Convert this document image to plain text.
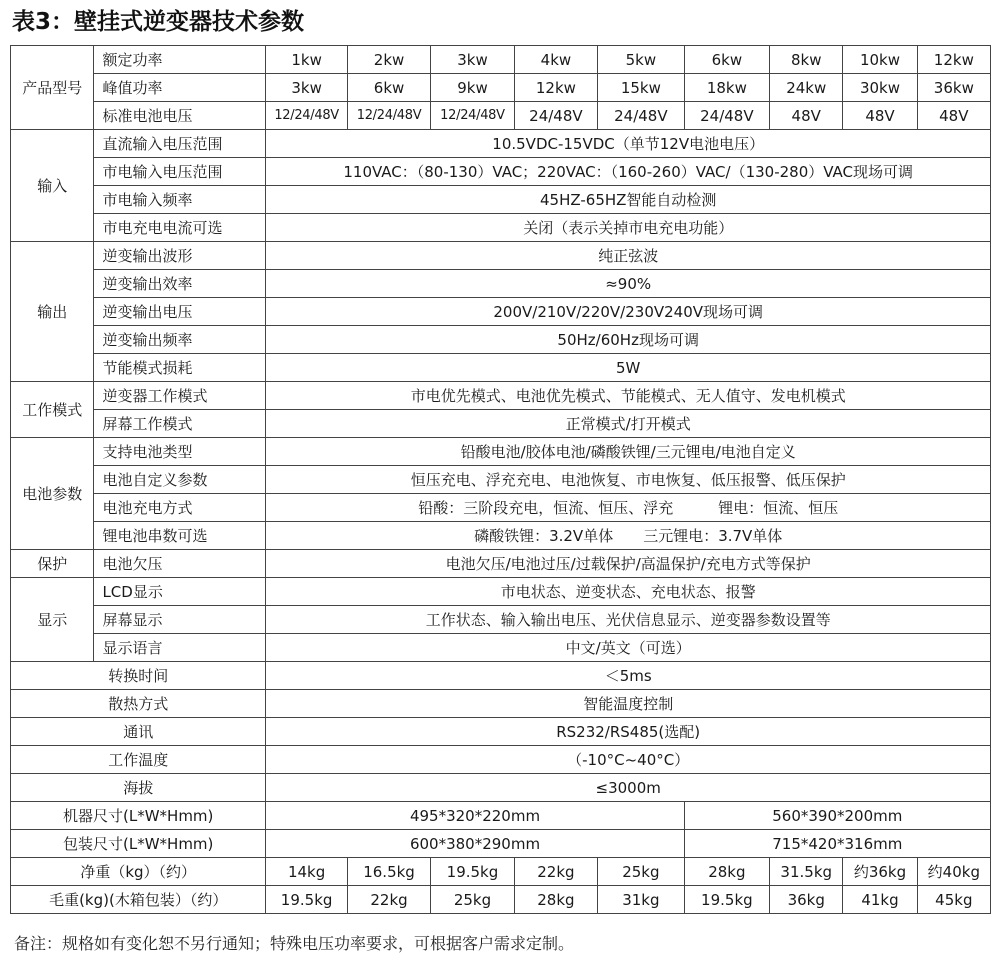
表3：壁挂式逆变器技术参数
产品型号	额定功率	1kw	2kw	3kw	4kw	5kw	6kw	8kw	10kw	12kw
	峰值功率	3kw	6kw	9kw	12kw	15kw	18kw	24kw	30kw	36kw
	标准电池电压	12/24/48V	12/24/48V	12/24/48V	24/48V	24/48V	24/48V	48V	48V	48V
输入	直流输入电压范围	10.5VDC-15VDC（单节12V电池电压）								
	市电输入电压范围	110VAC：（80-130）VAC；220VAC：（160-260）VAC/（130-280）VAC现场可调								
	市电输入频率	45HZ-65HZ智能自动检测								
	市电充电电流可选	关闭（表示关掉市电充电功能）								
输出	逆变输出波形	纯正弦波								
	逆变输出效率	≈90%								
	逆变输出电压	200V/210V/220V/230V240V现场可调								
	逆变输出频率	50Hz/60Hz现场可调								
	节能模式损耗	5W								
工作模式	逆变器工作模式	市电优先模式、电池优先模式、节能模式、无人值守、发电机模式								
	屏幕工作模式	正常模式/打开模式								
电池参数	支持电池类型	铅酸电池/胶体电池/磷酸铁锂/三元锂电/电池自定义								
	电池自定义参数	恒压充电、浮充充电、电池恢复、市电恢复、低压报警、低压保护								
	电池充电方式	铅酸：三阶段充电，恒流、恒压、浮充　　　锂电：恒流、恒压								
	锂电池串数可选	磷酸铁锂：3.2V单体　　三元锂电：3.7V单体								
保护	电池欠压	电池欠压/电池过压/过载保护/高温保护/充电方式等保护								
显示	LCD显示	市电状态、逆变状态、充电状态、报警								
	屏幕显示	工作状态、输入输出电压、光伏信息显示、逆变器参数设置等								
	显示语言	中文/英文（可选）								
转换时间		＜5ms								
散热方式		智能温度控制								
通讯		RS232/RS485(选配)								
工作温度		（-10°C~40°C）								
海拔		≤3000m								
机器尺寸(L*W*Hmm)		495*320*220mm					560*390*200mm			
包装尺寸(L*W*Hmm)		600*380*290mm					715*420*316mm			
净重（kg）（约）		14kg	16.5kg	19.5kg	22kg	25kg	28kg	31.5kg	约36kg	约40kg
毛重(kg)(木箱包装）（约）		19.5kg	22kg	25kg	28kg	31kg	19.5kg	36kg	41kg	45kg
备注：规格如有变化恕不另行通知；特殊电压功率要求，可根据客户需求定制。
